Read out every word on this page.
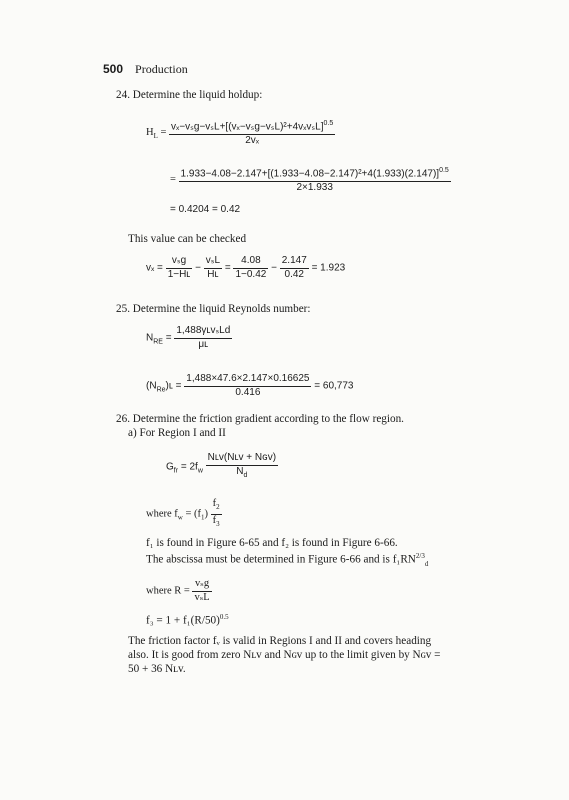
500 Production
24. Determine the liquid holdup:
$H_L = \frac{v_x-v_sg-v_sL+[(v_x-v_sg-v_sL)^2+4v_xv_sL]^{0.5}}{\text{2vₓ}}$
= $\frac{1.933-4.08-2.147+[(1.933-4.08-2.147)^2+4(1.933)(2.147)]^{0.5}}{2\times 1.933}$
= 0.4204 = 0.42
This value can be checked
$v_x = \frac{\text{vₛg}}{\text{1−Hʟ}} - \frac{\text{vₛL}}{\text{Hʟ}} = \frac{4.08}{1-0.42} - \frac{2.147}{0.42} = 1.923$
25. Determine the liquid Reynolds number:
$N_{RE} = \frac{\text{1,488γʟvₛLd}}{\text{μʟ}}$
$(N_{Re})ʟ = \frac{1,488\times 47.6\times 2.147\times 0.16625}{0.416} = 60,773$
26. Determine the friction gradient according to the flow region.
a) For Region I and II
$G_{fr} = 2f_w \frac{\text{Nʟv(Nʟv + Nɢv)}}{N_d}$
where $f_w = (f_1) \frac{f_2}{f_3}$
f₁ is found in Figure 6-65 and f₂ is found in Figure 6-66.
The abscissa must be determined in Figure 6-66 and is $f_1RN^{2/3}_d$
where $R = \frac{\text{vₛg}}{\text{vₛL}}$
$f_3 = 1 + f_1(R/50)^{0.5}$
The friction factor fᵥ is valid in Regions I and II and covers heading
also. It is good from zero Nʟv and Nɢv up to the limit given by Nɢv =
50 + 36 Nʟv.
